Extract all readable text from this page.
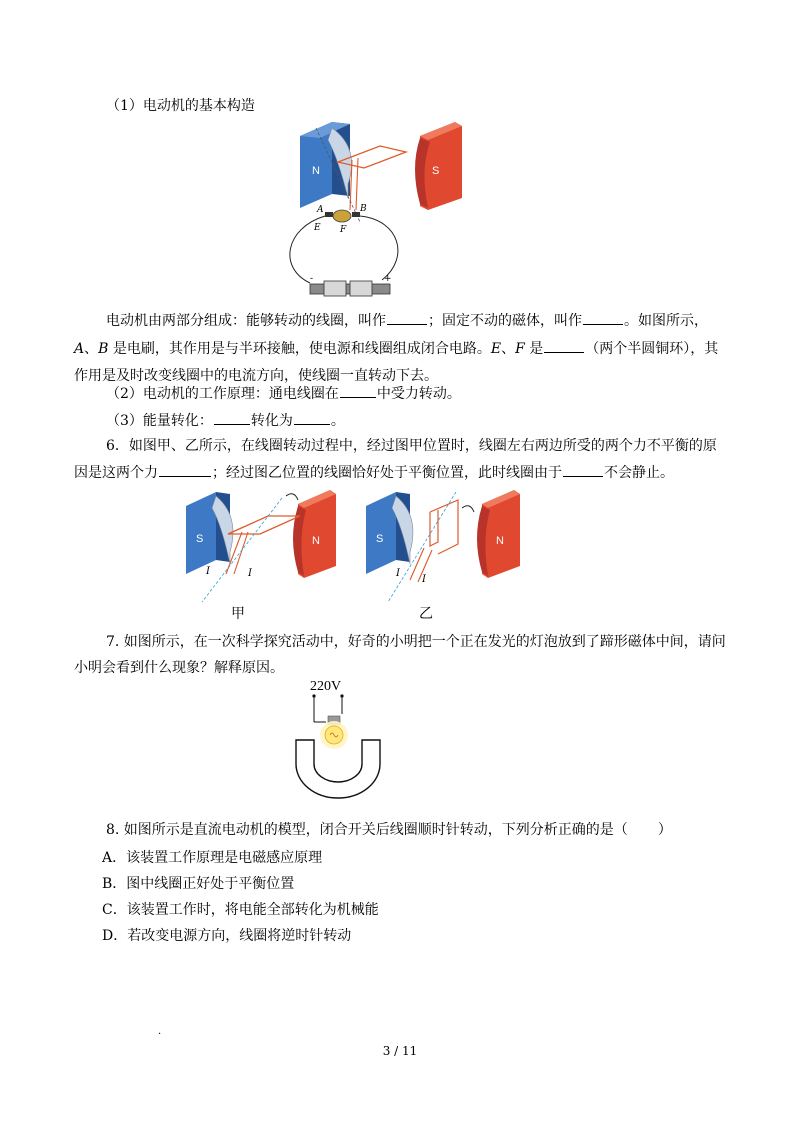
（1）电动机的基本构造
N	S
A	B
E F
-	+
电动机由两部分组成：能够转动的线圈，叫作	；固定不动的磁体，叫作	。如图所示，
A、B 是电刷，其作用是与半环接触，使电源和线圈组成闭合电路。E、F 是	（两个半圆铜环），其
作用是及时改变线圈中的电流方向，使线圈一直转动下去。
（2）电动机的工作原理：通电线圈在	中受力转动。
（3）能量转化：	转化为	。
6．如图甲、乙所示，在线圈转动过程中，经过图甲位置时，线圈左右两边所受的两个力不平衡的原
因是这两个力	；经过图乙位置的线圈恰好处于平衡位置，此时线圈由于	不会静止。
S	N
I	I
甲
S	N
I
I
乙
7. 如图所示，在一次科学探究活动中，好奇的小明把一个正在发光的灯泡放到了蹄形磁体中间，请问
小明会看到什么现象？解释原因。
220V
8. 如图所示是直流电动机的模型，闭合开关后线圈顺时针转动，下列分析正确的是（ ）
A．该装置工作原理是电磁感应原理
B．图中线圈正好处于平衡位置
C．该装置工作时，将电能全部转化为机械能
D．若改变电源方向，线圈将逆时针转动
.
3 / 11
